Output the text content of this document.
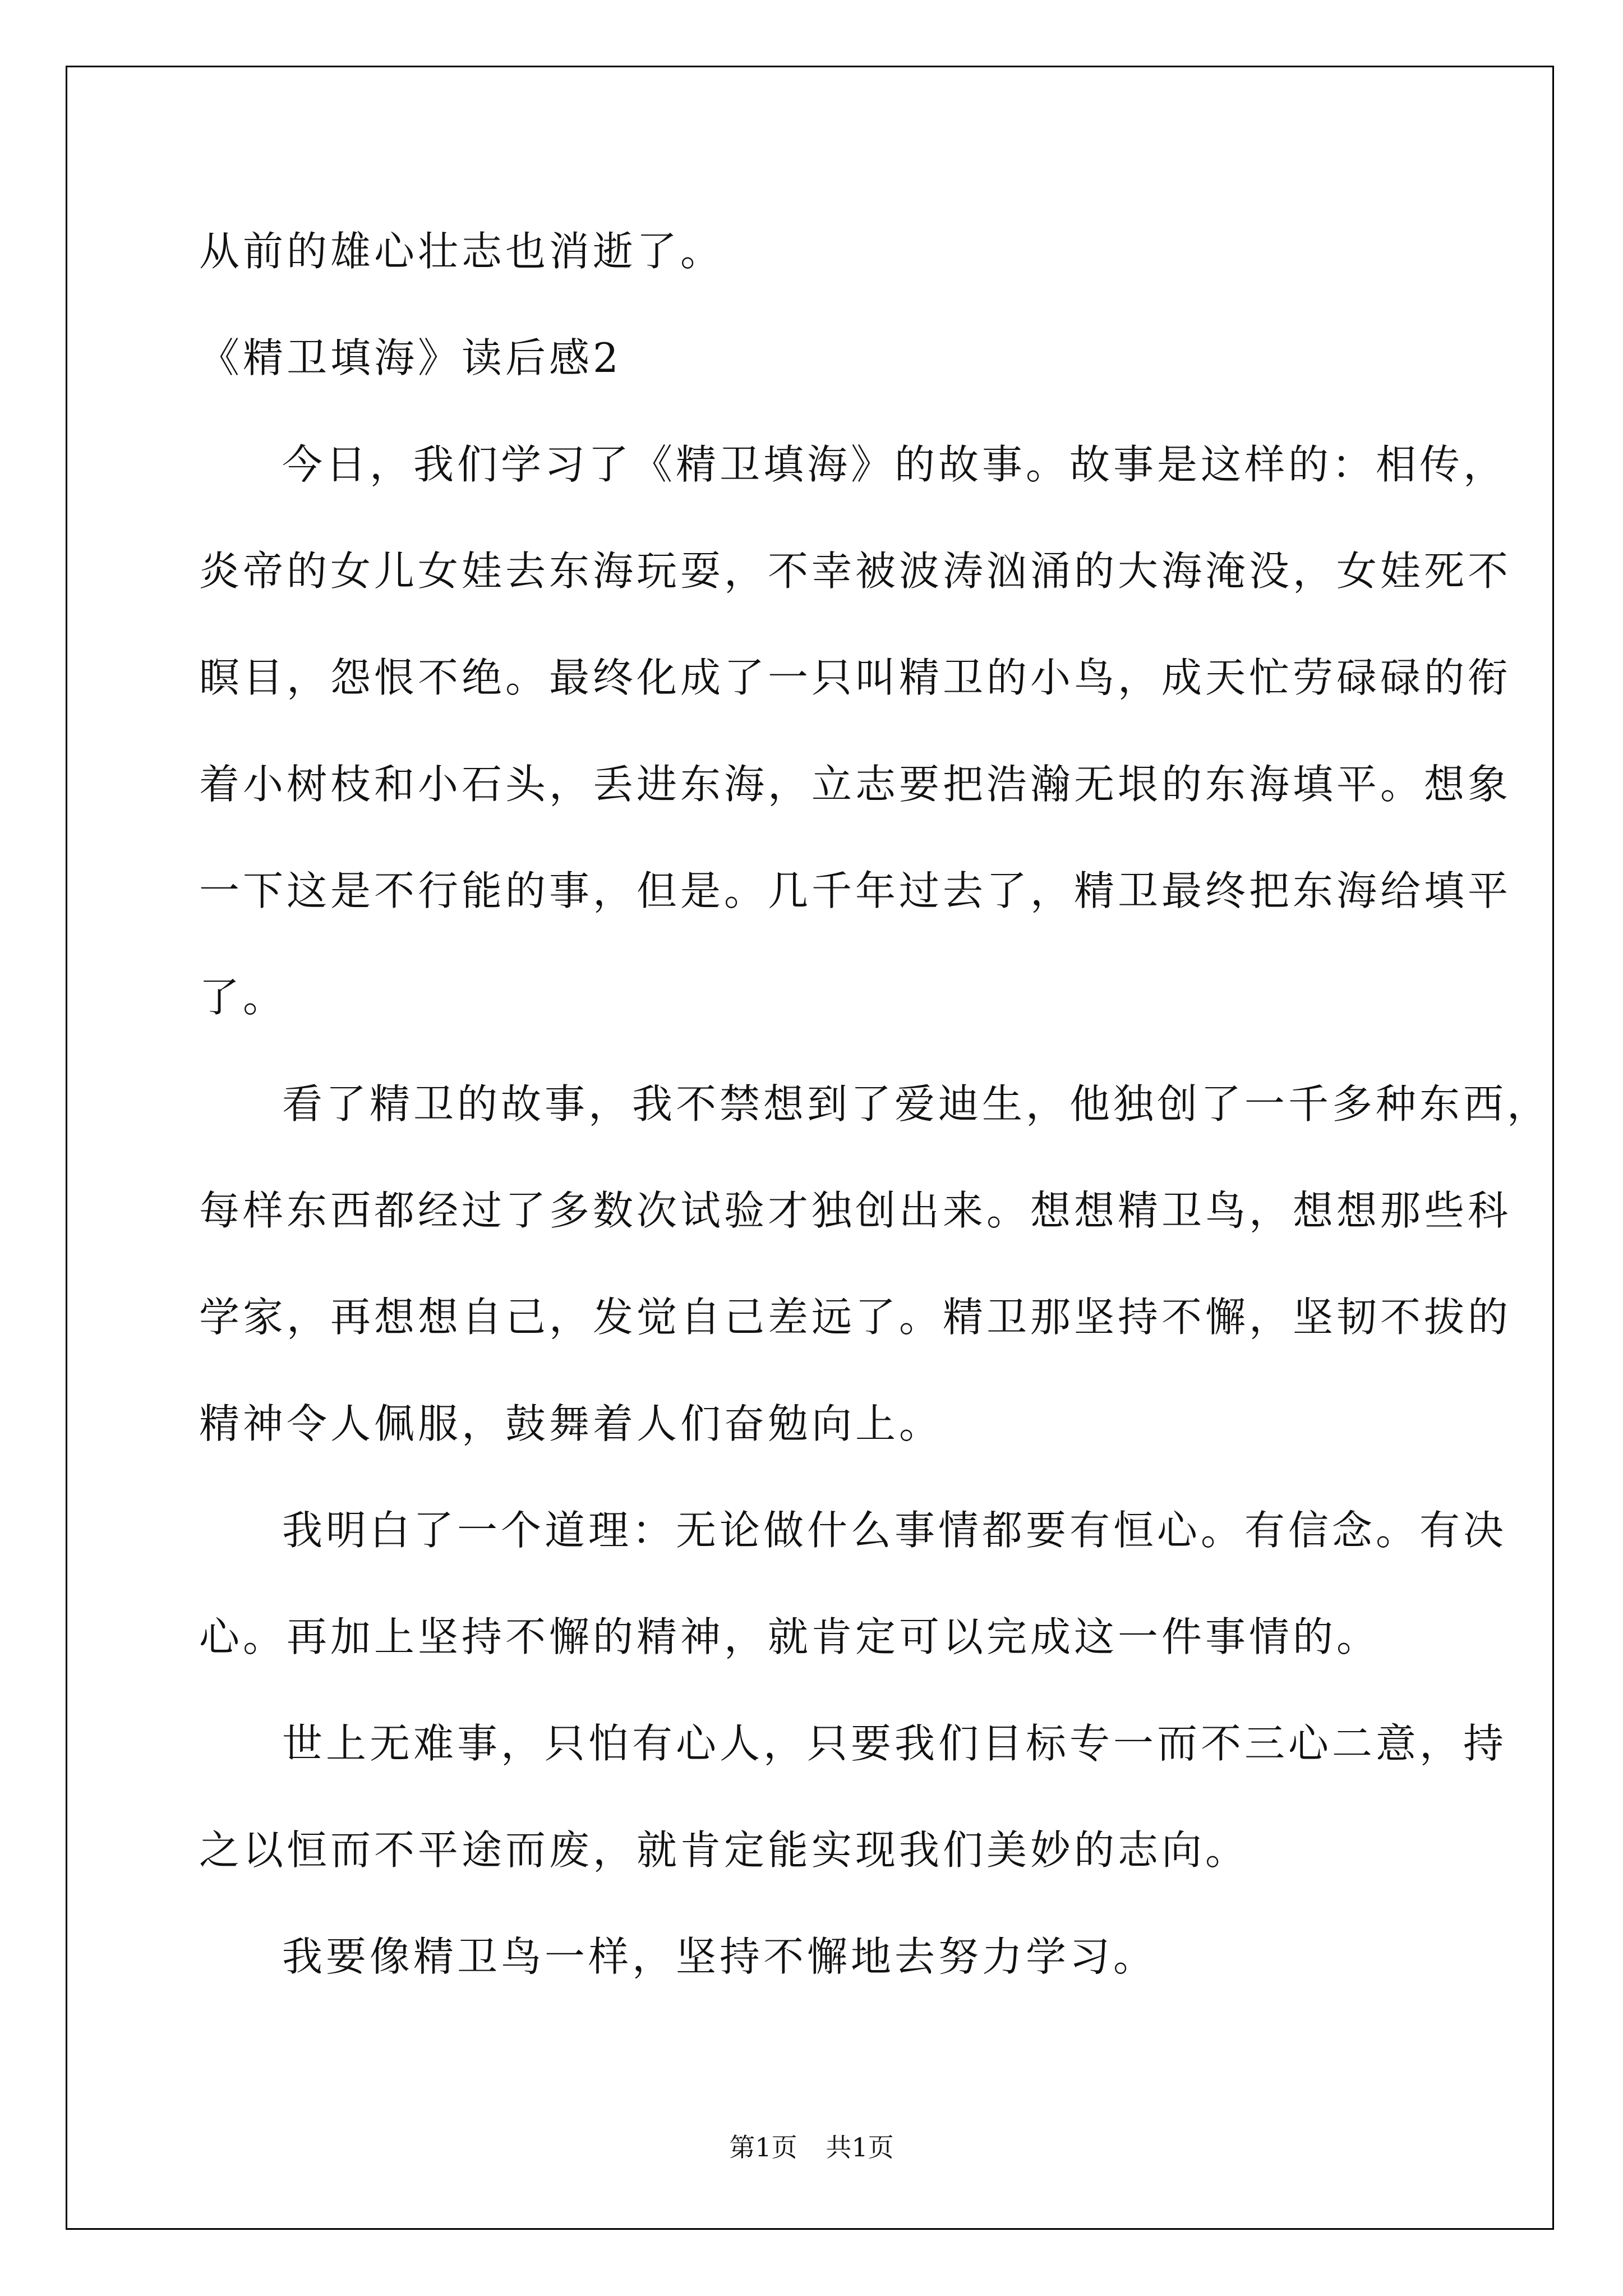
从前的雄心壮志也消逝了。
《精卫填海》读后感2
今日，我们学习了《精卫填海》的故事。故事是这样的：相传，
炎帝的女儿女娃去东海玩耍，不幸被波涛汹涌的大海淹没，女娃死不
瞑目，怨恨不绝。最终化成了一只叫精卫的小鸟，成天忙劳碌碌的衔
着小树枝和小石头，丢进东海，立志要把浩瀚无垠的东海填平。想象
一下这是不行能的事，但是。几千年过去了，精卫最终把东海给填平
了。
看了精卫的故事，我不禁想到了爱迪生，他独创了一千多种东西，
每样东西都经过了多数次试验才独创出来。想想精卫鸟，想想那些科
学家，再想想自己，发觉自己差远了。精卫那坚持不懈，坚韧不拔的
精神令人佩服，鼓舞着人们奋勉向上。
我明白了一个道理：无论做什么事情都要有恒心。有信念。有决
心。再加上坚持不懈的精神，就肯定可以完成这一件事情的。
世上无难事，只怕有心人，只要我们目标专一而不三心二意，持
之以恒而不平途而废，就肯定能实现我们美妙的志向。
我要像精卫鸟一样，坚持不懈地去努力学习。
第1页 共1页
